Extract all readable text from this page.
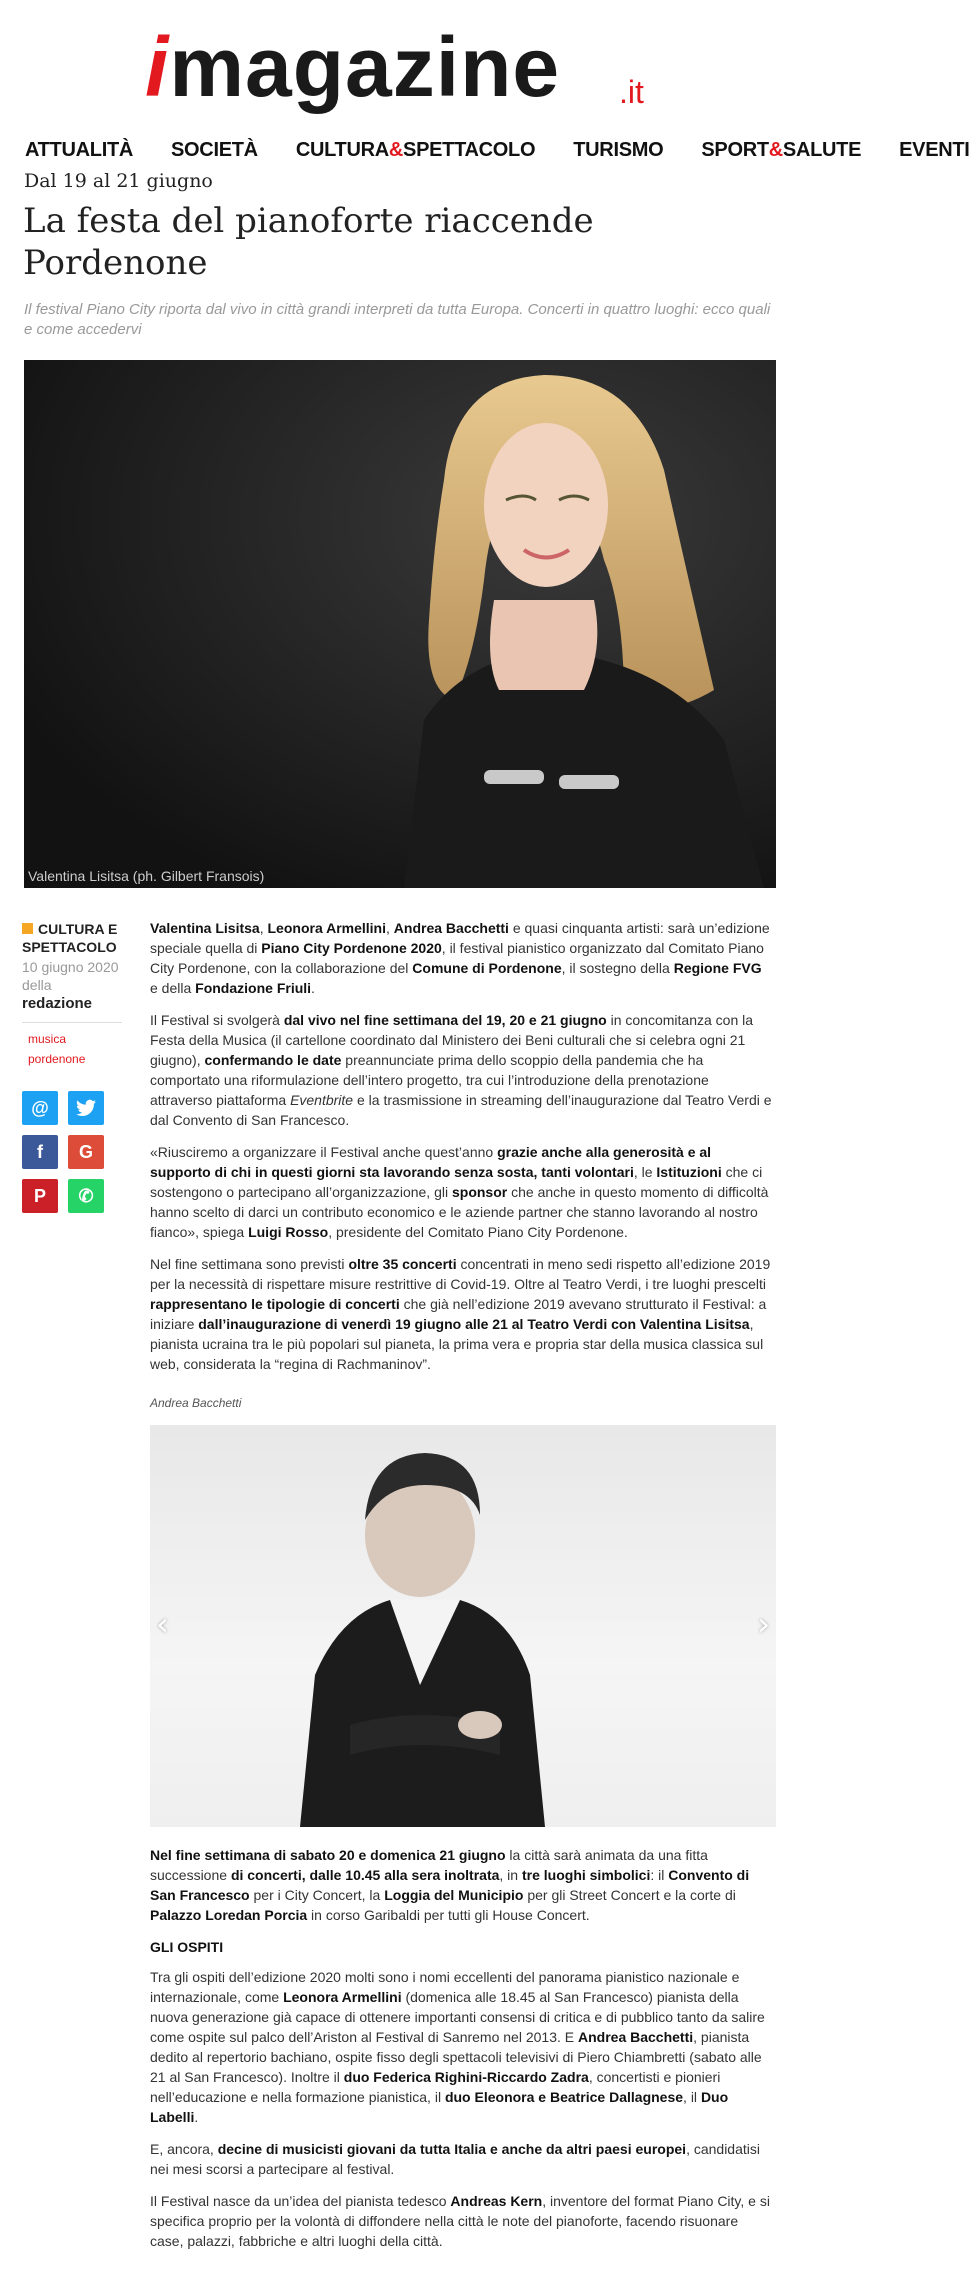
imagazine .it
ATTUALITÀ SOCIETÀ CULTURA&SPETTACOLO TURISMO SPORT&SALUTE EVENTI
Dal 19 al 21 giugno
La festa del pianoforte riaccende Pordenone
Il festival Piano City riporta dal vivo in città grandi interpreti da tutta Europa. Concerti in quattro luoghi: ecco quali e come accedervi
Valentina Lisitsa (ph. Gilbert Fransois)
CULTURA E SPETTACOLO
10 giugno 2020 della
redazione
musica
pordenone
@
f	G
P	✆

Valentina Lisitsa, Leonora Armellini, Andrea Bacchetti e quasi cinquanta artisti: sarà un’edizione speciale quella di Piano City Pordenone 2020, il festival pianistico organizzato dal Comitato Piano City Pordenone, con la collaborazione del Comune di Pordenone, il sostegno della Regione FVG e della Fondazione Friuli.

Il Festival si svolgerà dal vivo nel fine settimana del 19, 20 e 21 giugno in concomitanza con la Festa della Musica (il cartellone coordinato dal Ministero dei Beni culturali che si celebra ogni 21 giugno), confermando le date preannunciate prima dello scoppio della pandemia che ha comportato una riformulazione dell’intero progetto, tra cui l’introduzione della prenotazione attraverso piattaforma Eventbrite e la trasmissione in streaming dell’inaugurazione dal Teatro Verdi e dal Convento di San Francesco.

«Riusciremo a organizzare il Festival anche quest’anno grazie anche alla generosità e al supporto di chi in questi giorni sta lavorando senza sosta, tanti volontari, le Istituzioni che ci sostengono o partecipano all’organizzazione, gli sponsor che anche in questo momento di difficoltà hanno scelto di darci un contributo economico e le aziende partner che stanno lavorando al nostro fianco», spiega Luigi Rosso, presidente del Comitato Piano City Pordenone.

Nel fine settimana sono previsti oltre 35 concerti concentrati in meno sedi rispetto all’edizione 2019 per la necessità di rispettare misure restrittive di Covid-19. Oltre al Teatro Verdi, i tre luoghi prescelti rappresentano le tipologie di concerti che già nell’edizione 2019 avevano strutturato il Festival: a iniziare dall’inaugurazione di venerdì 19 giugno alle 21 al Teatro Verdi con Valentina Lisitsa, pianista ucraina tra le più popolari sul pianeta, la prima vera e propria star della musica classica sul web, considerata la “regina di Rachmaninov”.

Andrea Bacchetti
‹	›

Nel fine settimana di sabato 20 e domenica 21 giugno la città sarà animata da una fitta successione di concerti, dalle 10.45 alla sera inoltrata, in tre luoghi simbolici: il Convento di San Francesco per i City Concert, la Loggia del Municipio per gli Street Concert e la corte di Palazzo Loredan Porcia in corso Garibaldi per tutti gli House Concert.

GLI OSPITI

Tra gli ospiti dell’edizione 2020 molti sono i nomi eccellenti del panorama pianistico nazionale e internazionale, come Leonora Armellini (domenica alle 18.45 al San Francesco) pianista della nuova generazione già capace di ottenere importanti consensi di critica e di pubblico tanto da salire come ospite sul palco dell’Ariston al Festival di Sanremo nel 2013. E Andrea Bacchetti, pianista dedito al repertorio bachiano, ospite fisso degli spettacoli televisivi di Piero Chiambretti (sabato alle 21 al San Francesco). Inoltre il duo Federica Righini-Riccardo Zadra, concertisti e pionieri nell’educazione e nella formazione pianistica, il duo Eleonora e Beatrice Dallagnese, il Duo Labelli.

E, ancora, decine di musicisti giovani da tutta Italia e anche da altri paesi europei, candidatisi nei mesi scorsi a partecipare al festival.

Il Festival nasce da un’idea del pianista tedesco Andreas Kern, inventore del format Piano City, e si specifica proprio per la volontà di diffondere nella città le note del pianoforte, facendo risuonare case, palazzi, fabbriche e altri luoghi della città.
